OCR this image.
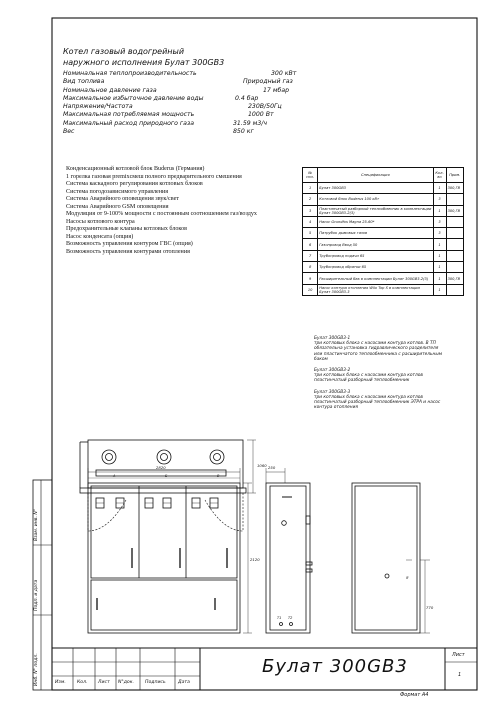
Котел газовый водогрейный
наружного исполнения Булат 300GB3
Номинальная теплопроизводительность	300 кВт
Вид топлива	Природный газ
Номинальное давление газа	17 мбар
Максимальное избыточное давление воды	0.4 бар
Напряжение/Частота	230В/50Гц
Максимальная потребляемая мощность	1000 Вт
Максимальный расход природного газа	31.59 м3/ч
Вес	850 кг
Конденсационный котловой блок Buderus (Германия)
1 горелка газовая premixсмеш полного предварительного смешения
Система каскадного регулирования котловых блоков
Система погодозависимого управления
Система Аварийного оповещения звук/свет
Система Аварийного GSM оповещения
Модуляция от 9-100% мощности с постоянным соотношением газ/воздух
Насосы котлового контура
Предохранительные клапаны котловых блоков
Насос конденсата (опция)
Возможность управления контуром ГВС (опция)
Возможность управления контурами отопления
№ поз.	Спецификация	Кол-во	Прим.
1	Булат 300GB3	1	300,ГВ
2	Котловой блок Buderus 100 кВт	3	
3	Пластинчатый разборный теплообменник в комплектации Булат 300GB3-2(3)	1	300,ГВ
4	Насос Grundfos Magna 25-60*	3	
5	Патрубок дымовых газов	3	
6	Газопровод Ввод 50	1	
7	Трубопровод подачи 65	1	
8	Трубопровод обратки 65	1	
9	Расширительный бак в комплектации Булат 300GB3-2(3)	1	300,ГВ
10	Насос контура отопления Wilo Top S в комплектации Булат 300GB3-3	1	
Булат 300GB3-1
три котловых блока с насосами контура котлов. В ТП обязательна установка гидравлического разделителя или пластинчатого теплообменника с расширительным баком
Булат 300GB3-2
три котловых блока с насосами контура котлов пластинчатый разборный теплообменник
Булат 300GB3-3
три котловых блока с насосами контура котлов пластинчатый разборный теплообменник ЭТРА и насос контура отопления
1060
2820
2120
250
770
А	Б	В
Я
Т1 Т2
Булат 300GB3
Лист
1
Формат А4
Изм. Кол. Лист N°док. Подпись	Дата
Инб. N° подл.
Подп. и дата
Взам. инв. N°
